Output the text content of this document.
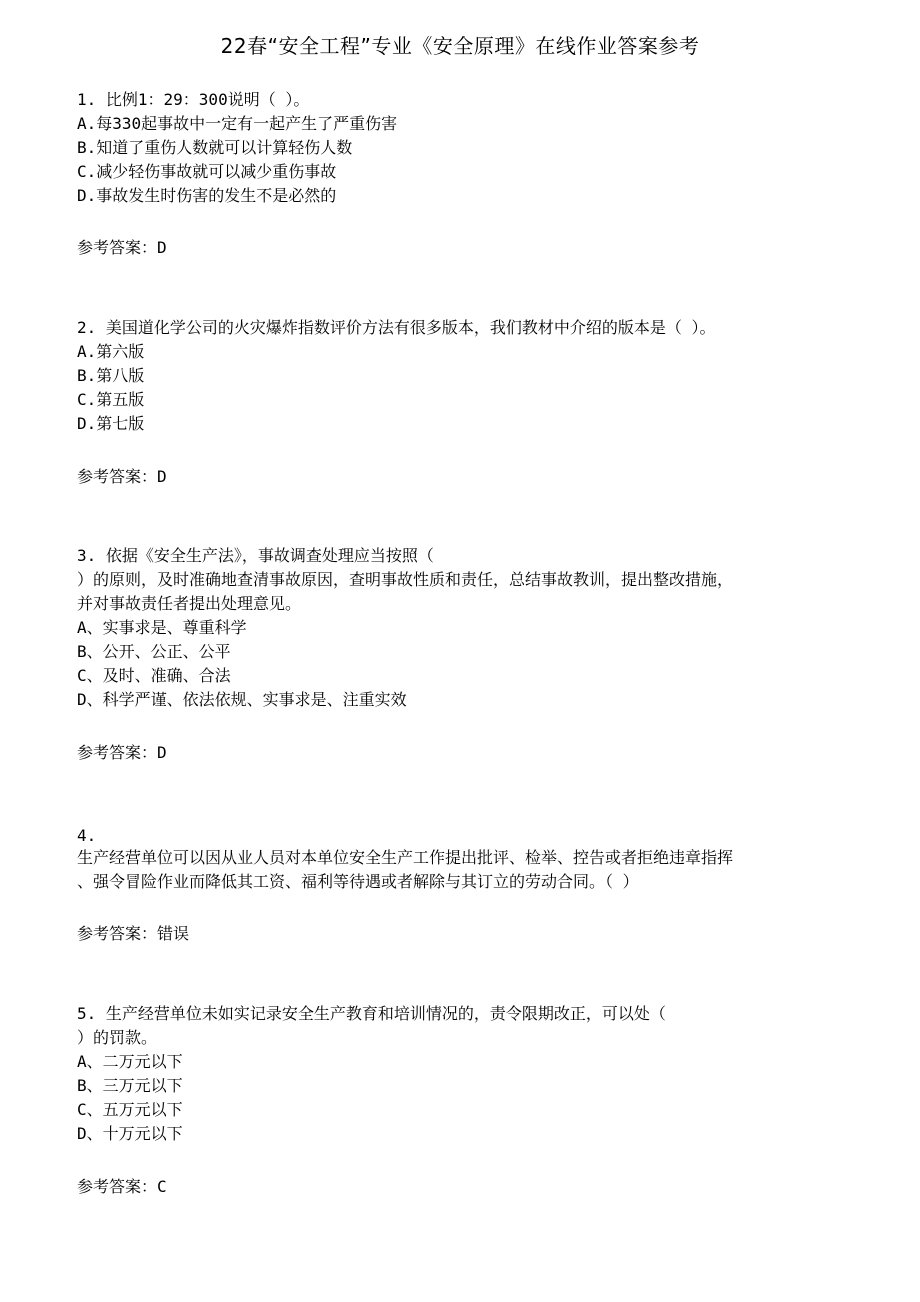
22春“安全工程”专业《安全原理》在线作业答案参考
1. 比例1：29：300说明（ ）。
A.每330起事故中一定有一起产生了严重伤害
B.知道了重伤人数就可以计算轻伤人数
C.减少轻伤事故就可以减少重伤事故
D.事故发生时伤害的发生不是必然的
参考答案：D
2. 美国道化学公司的火灾爆炸指数评价方法有很多版本，我们教材中介绍的版本是（ ）。
A.第六版
B.第八版
C.第五版
D.第七版
参考答案：D
3. 依据《安全生产法》，事故调查处理应当按照（
）的原则，及时准确地查清事故原因，查明事故性质和责任，总结事故教训，提出整改措施，
并对事故责任者提出处理意见。
A、实事求是、尊重科学
B、公开、公正、公平
C、及时、准确、合法
D、科学严谨、依法依规、实事求是、注重实效
参考答案：D
4.
生产经营单位可以因从业人员对本单位安全生产工作提出批评、检举、控告或者拒绝违章指挥
、强令冒险作业而降低其工资、福利等待遇或者解除与其订立的劳动合同。（ ）
参考答案：错误
5. 生产经营单位未如实记录安全生产教育和培训情况的，责令限期改正，可以处（
）的罚款。
A、二万元以下
B、三万元以下
C、五万元以下
D、十万元以下
参考答案：C
